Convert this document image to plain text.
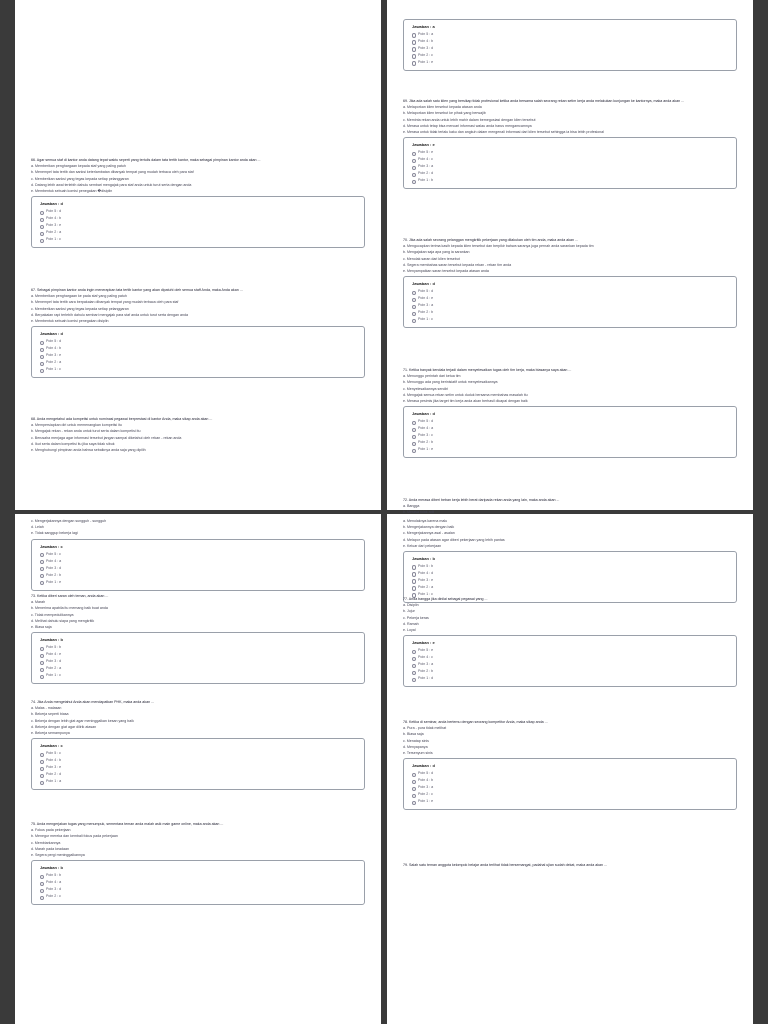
66. Agar semua staf di kantor anda datang tepat waktu seperti yang tertulis dalam tata tertib kantor, maka sebagai pimpinan kantor anda akan ...
a. Memberikan penghargaan kepada staf yang paling patuh
b. Menempel tata tertib dan sanksi keterlambatan dibanyak tempat yang mudah terbaca oleh para staf
c. Memberikan sanksi yang tegas kepada setiap pelanggaran
d. Datang lebih awal terlebih dahulu sembari mengajak para staf anda untuk turut serta dengan anda
e. Membentuk sebuah komisi penegakan �disiplin
Jawaban : d
Poin 5 : d
Poin 4 : b
Poin 3 : e
Poin 2 : a
Poin 1 : c
67. Sebagai pimpinan kantor anda ingin menerapkan tata tertib kantor yang akan dipatuhi oleh semua staff Anda, maka Anda akan ...
a. Memberikan penghargaan ke pada staf yang paling patuh
b. Menempel tata tertib cara berpakaian dibanyak tempat yang mudah terbaca oleh para staf
c. Memberikan sanksi yang tegas kepada setiap pelanggaran
d. Berpakaian rapi terlebih dahulu sembari mengajak para staf anda untuk turut serta dengan anda
e. Membentuk sebuah komisi penegakan disiplin
Jawaban : d
Poin 5 : d
Poin 4 : b
Poin 3 : e
Poin 2 : a
Poin 1 : c
68. Anda mengetahui ada kompetisi untuk nominasi pegawai berprestasi di kantor Anda, maka sikap anda akan ...
a. Mempersiapkan diri untuk memenangkan kompetisi itu
b. Mengajak rekan - rekan anda untuk turut serta dalam kompetisi itu
c. Berusaha menjaga agar informasi tersebut jangan sampai diketahui oleh rekan - rekan anda
d. Ikut serta dalam kompetisi itu jika saya tidak sibuk
e. Menghubungi pimpinan anda bahwa sebaiknya anda saja yang dipilih
Jawaban : a
Poin 5 : a
Poin 4 : b
Poin 3 : d
Poin 2 : c
Poin 1 : e
69. Jika ada salah satu klien yang bersikap tidak profesional ketika anda bersama salah seorang rekan setim kerja anda melakukan kunjungan ke kantornya, maka anda akan ...
a. Melaporkan klien tersebut kepada atasan anda
b. Melaporkan klien tersebut ke pihak yang berwajib
c. Meminta rekan anda untuk lebih mahir dalam bernegosiasi dengan klien tersebut
d. Merasa untuk tetap bisa mencari informasi walau anda harus mengamcamnya
e. Merasa untuk tidak terlalu kaku dan angkuh dalam mengenali informasi dari klien tersebut sehingga ia bisa lebih profesional
Jawaban : e
Poin 5 : e
Poin 4 : c
Poin 3 : a
Poin 2 : d
Poin 1 : b
70. Jika ada salah seorang pelanggan mengkritik pekerjaan yang dilakukan oleh tim anda, maka anda akan ...
a. Mengucapkan terima kasih kepada klien tersebut dan berpikir bahwa saranya juga pernah anda sarankan kepada tim
b. Mengajakan saja apa yang ia sarankan
c. Menolak saran dari klien tersebut
d. Segera membahas saran tersebut kepada rekan - rekan tim anda
e. Menyampaikan saran tersebut kepada atasan anda
Jawaban : d
Poin 5 : d
Poin 4 : e
Poin 3 : a
Poin 2 : b
Poin 1 : c
71. Ketika banyak kendala terjadi dalam menyelesaikan tugas oleh tim kerja, maka biasanya saya akan ...
a. Menunggu perintah dari ketua tim
b. Menunggu ada yang berinisiatif untuk menyelesaikannya
c. Menyelesaikannya sendiri
d. Mengajak semua rekan setim untuk duduk bersama membahas masalah itu
e. Merasa pesimis jika target tim kerja anda akan berhasil dicapai dengan baik
Jawaban : d
Poin 5 : d
Poin 4 : a
Poin 3 : c
Poin 2 : b
Poin 1 : e
72. Anda merasa diberi beban kerja lebih berat daripada rekan anda yang lain, maka anda akan ...
a. Bangga
b. Merasa tidak adil
c. Mengerjakannya dengan sungguh - sungguh
d. Lelah
e. Tidak sanggup bekerja lagi
Jawaban : c
Poin 5 : c
Poin 4 : a
Poin 3 : d
Poin 2 : b
Poin 1 : e
73. Ketika diberi saran oleh teman, anda akan ...
a. Marah
b. Menerima apabila itu memang baik buat anda
c. Tidak mempedulikannya
d. Melihat dahulu siapa yang mengkritik
e. Biasa saja
Jawaban : b
Poin 5 : b
Poin 4 : e
Poin 3 : d
Poin 2 : a
Poin 1 : c
74. Jika Anda mengetahui Anda akan mendapatkan PHK, maka anda akan ...
a. Malas - malasan
b. Bekerja seperti biasa
c. Bekerja dengan lebih giat agar meninggalkan kesan yang baik
d. Bekerja dengan giat agar dilirik atasan
e. Bekerja semampunya
Jawaban : c
Poin 5 : c
Poin 4 : b
Poin 3 : e
Poin 2 : d
Poin 1 : a
75. Anda mengerjakan tugas yang menumpuk, sementara teman anda malah asik main game online, maka anda akan ...
a. Fokus pada pekerjaan
b. Menegur mereka dan kembali fokus pada pekerjaan
c. Membiarkannya
d. Marah pada keadaan
e. Segera pergi meninggalkannya
Jawaban : b
Poin 5 : b
Poin 4 : a
Poin 3 : d
Poin 2 : c
a. Menolaknya karena malu
b. Mengerjakannya dengan baik
c. Mengerjakannya asal - asalan
d. Melapor pada atasan agar diberi pekerjaan yang lebih pantas
e. Keluar dari pekerjaan
Jawaban : b
Poin 5 : b
Poin 4 : d
Poin 3 : e
Poin 2 : a
Poin 1 : c
77. Anda bangga jika dinilai sebagai pegawai yang ...
a. Disiplin
b. Jujur
c. Pekerja keras
d. Ramah
e. Loyal
Jawaban : e
Poin 5 : e
Poin 4 : c
Poin 3 : a
Poin 2 : b
Poin 1 : d
78. Ketika di seminar, anda bertemu dengan seorang kompetitor Anda, maka sikap anda ...
a. Pura - pura tidak melihat
b. Biasa saja
c. Menatap sinis
d. Menyapanya
e. Tersenyum sinis
Jawaban : d
Poin 5 : d
Poin 4 : b
Poin 3 : a
Poin 2 : c
Poin 1 : e
79. Salah satu teman anggota kelompok belajar anda terlihat tidak bersemangat, padahal ujian sudah dekat, maka anda akan ...
